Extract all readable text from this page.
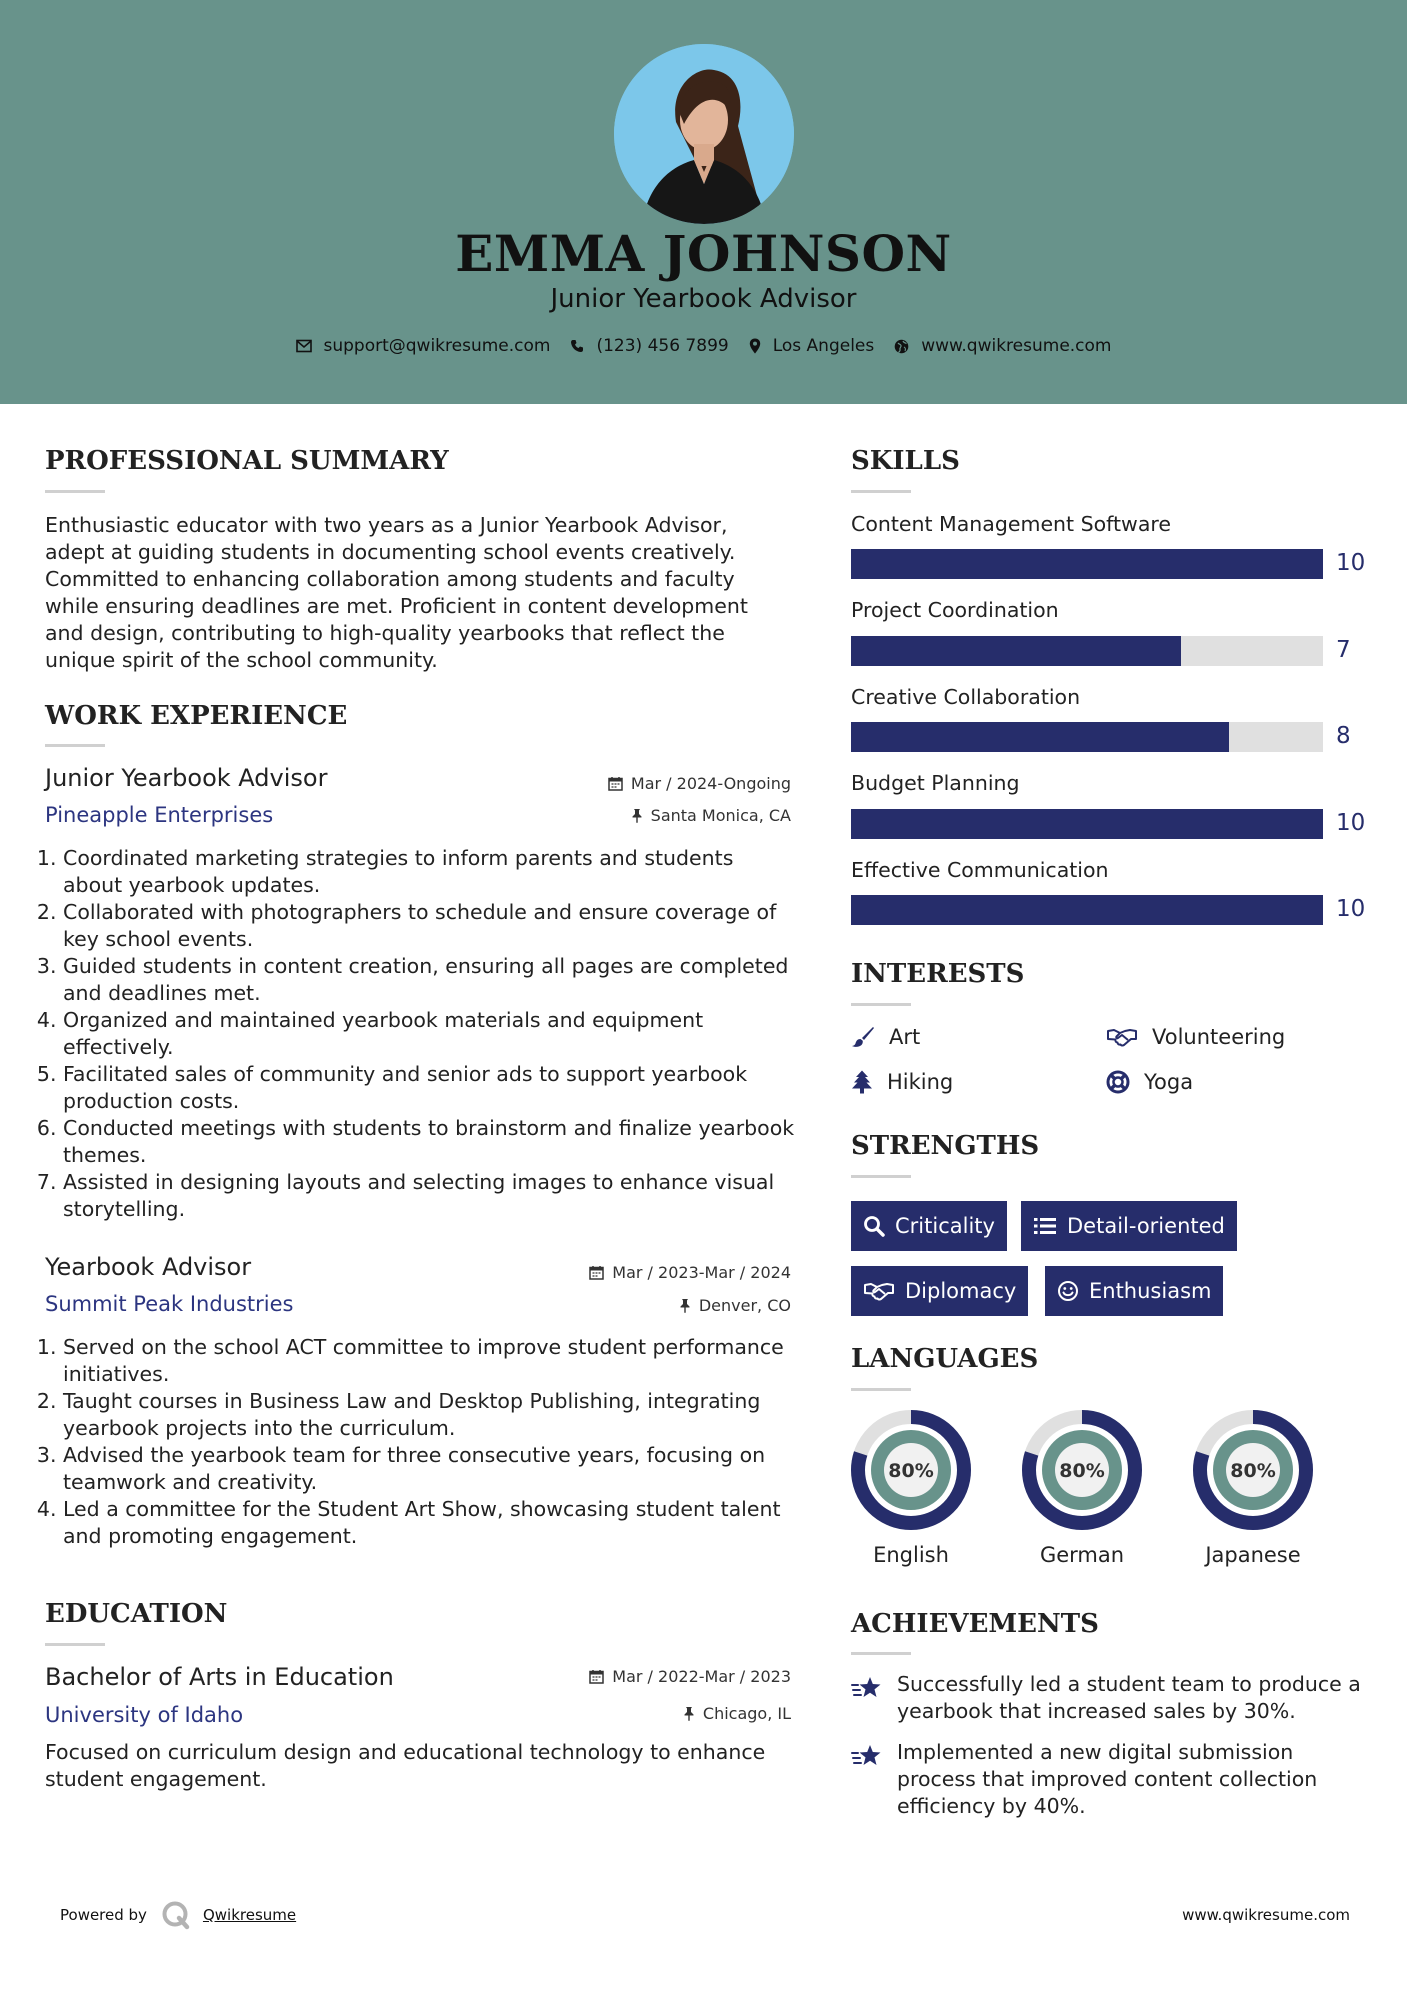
EMMA JOHNSON
Junior Yearbook Advisor
support@qwikresume.com	(123) 456 7899	Los Angeles	www.qwikresume.com
PROFESSIONAL SUMMARY
Enthusiastic educator with two years as a Junior Yearbook Advisor, adept at guiding students in documenting school events creatively. Committed to enhancing collaboration among students and faculty while ensuring deadlines are met. Proficient in content development and design, contributing to high-quality yearbooks that reflect the unique spirit of the school community.
WORK EXPERIENCE
Junior Yearbook Advisor	Mar / 2024-Ongoing
Pineapple Enterprises	Santa Monica, CA
1. Coordinated marketing strategies to inform parents and students about yearbook updates.
2. Collaborated with photographers to schedule and ensure coverage of key school events.
3. Guided students in content creation, ensuring all pages are completed and deadlines met.
4. Organized and maintained yearbook materials and equipment effectively.
5. Facilitated sales of community and senior ads to support yearbook production costs.
6. Conducted meetings with students to brainstorm and finalize yearbook themes.
7. Assisted in designing layouts and selecting images to enhance visual storytelling.
Yearbook Advisor	Mar / 2023-Mar / 2024
Summit Peak Industries	Denver, CO
1. Served on the school ACT committee to improve student performance initiatives.
2. Taught courses in Business Law and Desktop Publishing, integrating yearbook projects into the curriculum.
3. Advised the yearbook team for three consecutive years, focusing on teamwork and creativity.
4. Led a committee for the Student Art Show, showcasing student talent and promoting engagement.
EDUCATION
Bachelor of Arts in Education	Mar / 2022-Mar / 2023
University of Idaho	Chicago, IL
Focused on curriculum design and educational technology to enhance student engagement.
SKILLS
Content Management Software
10
Project Coordination
7
Creative Collaboration
8
Budget Planning
10
Effective Communication
10
INTERESTS
Art	Volunteering
Hiking	Yoga
STRENGTHS
Criticality	Detail-oriented
Diplomacy	Enthusiasm
LANGUAGES
80%
English
80%
German
80%
Japanese
ACHIEVEMENTS
Successfully led a student team to produce a yearbook that increased sales by 30%.
Implemented a new digital submission process that improved content collection efficiency by 40%.
Powered by	Qwikresume	www.qwikresume.com
